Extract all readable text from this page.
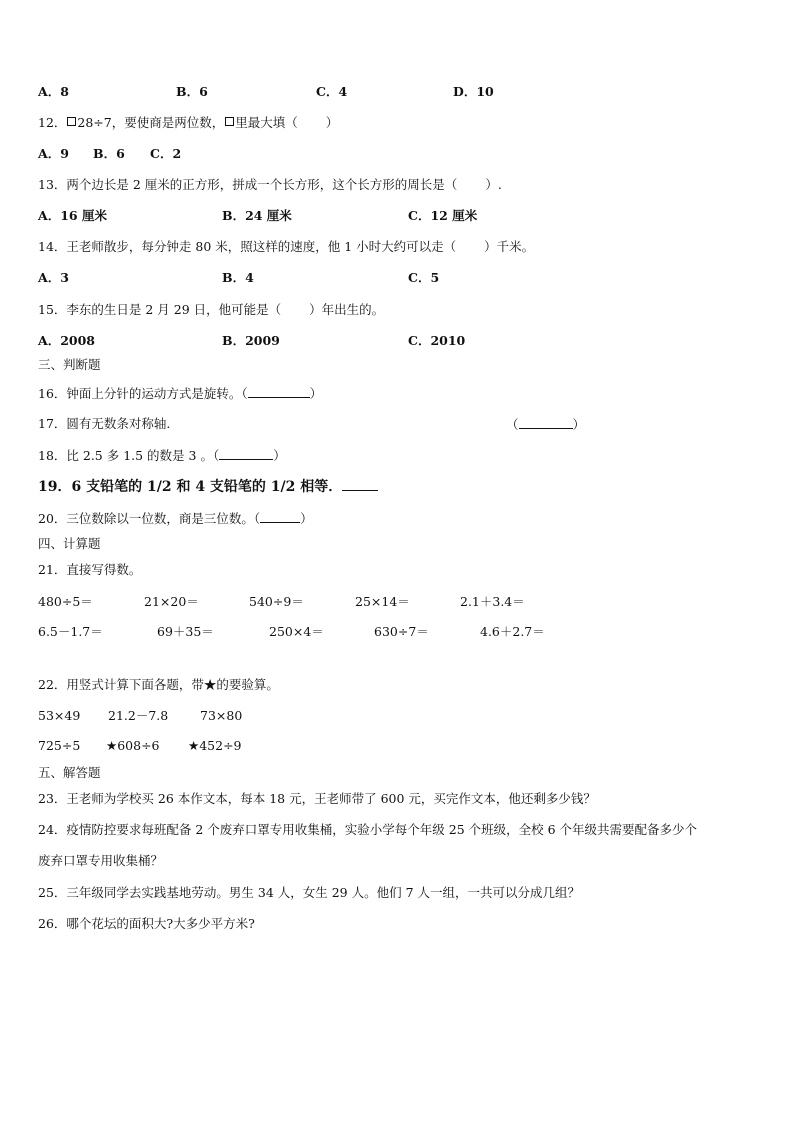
A．8	B．6	C．4	D．10
12． 28÷7，要使商是两位数， 里最大填（ ）
A．9 B．6 C．2
13．两个边长是 2 厘米的正方形，拼成一个长方形，这个长方形的周长是（ ）.
A．16 厘米	B．24 厘米	C．12 厘米
14．王老师散步，每分钟走 80 米，照这样的速度，他 1 小时大约可以走（ ）千米。
A．3	B．4	C．5
15．李东的生日是 2 月 29 日，他可能是（ ）年出生的。
A．2008	B．2009	C．2010
三、判断题
16．钟面上分针的运动方式是旋转。（	）
17．圆有无数条对称轴.	（	）
18．比 2.5 多 1.5 的数是 3 。（	）
19．6 支铅笔的 1/2 和 4 支铅笔的 1/2 相等．
20．三位数除以一位数，商是三位数。（	）
四、计算题
21．直接写得数。
480÷5＝	21×20＝	540÷9＝	25×14＝	2.1＋3.4＝
6.5－1.7＝	69＋35＝	250×4＝	630÷7＝	4.6＋2.7＝
22．用竖式计算下面各题，带★的要验算。
53×49 21.2－7.8	73×80
725÷5 ★608÷6 ★452÷9
五、解答题
23．王老师为学校买 26 本作文本，每本 18 元，王老师带了 600 元，买完作文本，他还剩多少钱？
24．疫情防控要求每班配备 2 个废弃口罩专用收集桶，实验小学每个年级 25 个班级，全校 6 个年级共需要配备多少个
废弃口罩专用收集桶？
25．三年级同学去实践基地劳动。男生 34 人，女生 29 人。他们 7 人一组，一共可以分成几组？
26．哪个花坛的面积大?大多少平方米?
